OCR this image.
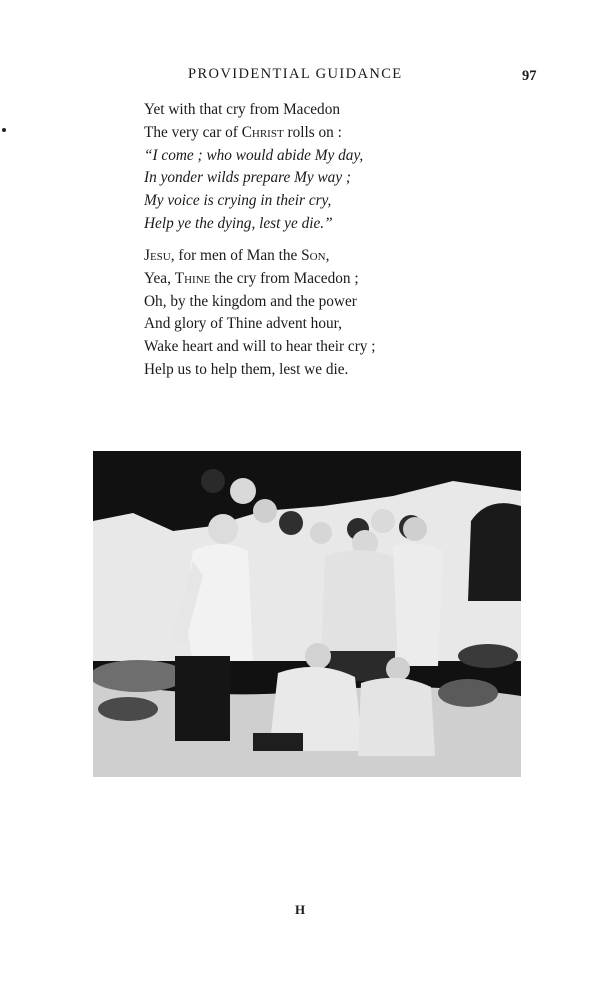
PROVIDENTIAL GUIDANCE	97
Yet with that cry from Macedon
The very car of Christ rolls on :
“I come ; who would abide My day,
In yonder wilds prepare My way ;
My voice is crying in their cry,
Help ye the dying, lest ye die.”
Jesu, for men of Man the Son,
Yea, Thine the cry from Macedon ;
Oh, by the kingdom and the power
And glory of Thine advent hour,
Wake heart and will to hear their cry ;
Help us to help them, lest we die.
H
